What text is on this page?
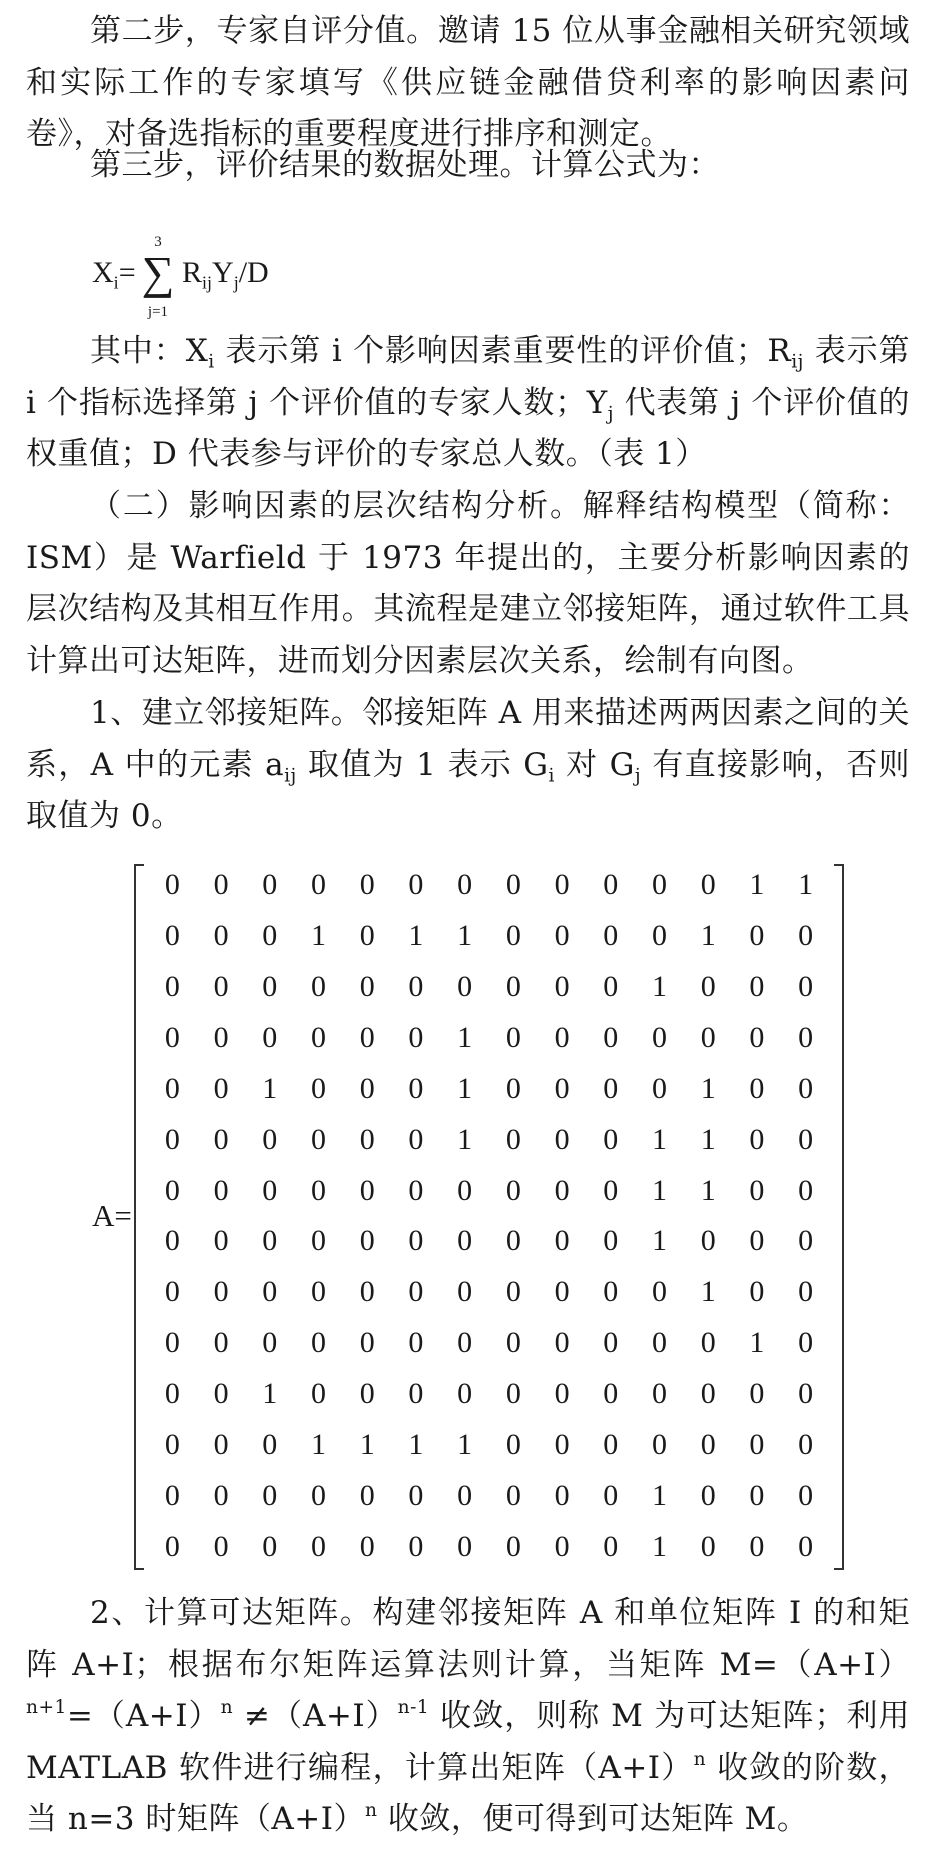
第二步，专家自评分值。邀请 15 位从事金融相关研究领域和实际工作的专家填写《供应链金融借贷利率的影响因素问卷》，对备选指标的重要程度进行排序和测定。

第三步，评价结果的数据处理。计算公式为：

$X_i=$
3
∑
j=1
$R_{ij}Y_j/D$

其中：$X_i$ 表示第 i 个影响因素重要性的评价值；$R_{ij}$ 表示第 i 个指标选择第 j 个评价值的专家人数；$Y_j$ 代表第 j 个评价值的权重值；D 代表参与评价的专家总人数。（表 1）

（二）影响因素的层次结构分析。解释结构模型（简称：ISM）是 Warfield 于 1973 年提出的，主要分析影响因素的层次结构及其相互作用。其流程是建立邻接矩阵，通过软件工具计算出可达矩阵，进而划分因素层次关系，绘制有向图。

1、建立邻接矩阵。邻接矩阵 A 用来描述两两因素之间的关系，A 中的元素 $a_{ij}$ 取值为 1 表示 $G_i$ 对 $G_j$ 有直接影响，否则取值为 0。

A=
0	0	0	0	0	0	0	0	0	0	0	0	1	1
0	0	0	1	0	1	1	0	0	0	0	1	0	0
0	0	0	0	0	0	0	0	0	0	1	0	0	0
0	0	0	0	0	0	1	0	0	0	0	0	0	0
0	0	1	0	0	0	1	0	0	0	0	1	0	0
0	0	0	0	0	0	1	0	0	0	1	1	0	0
0	0	0	0	0	0	0	0	0	0	1	1	0	0
0	0	0	0	0	0	0	0	0	0	1	0	0	0
0	0	0	0	0	0	0	0	0	0	0	1	0	0
0	0	0	0	0	0	0	0	0	0	0	0	1	0
0	0	1	0	0	0	0	0	0	0	0	0	0	0
0	0	0	1	1	1	1	0	0	0	0	0	0	0
0	0	0	0	0	0	0	0	0	0	1	0	0	0
0	0	0	0	0	0	0	0	0	0	1	0	0	0

2、计算可达矩阵。构建邻接矩阵 A 和单位矩阵 I 的和矩阵 A+I；根据布尔矩阵运算法则计算，当矩阵 $M=(A+I)^{n+1}=(A+I)^n \ne(A+I)^{n-1}$ 收敛，则称 M 为可达矩阵；利用 MATLAB 软件进行编程，计算出矩阵$(A+I)^n$ 收敛的阶数，当 n=3 时矩阵$(A+I)^n$ 收敛，便可得到可达矩阵 M。
